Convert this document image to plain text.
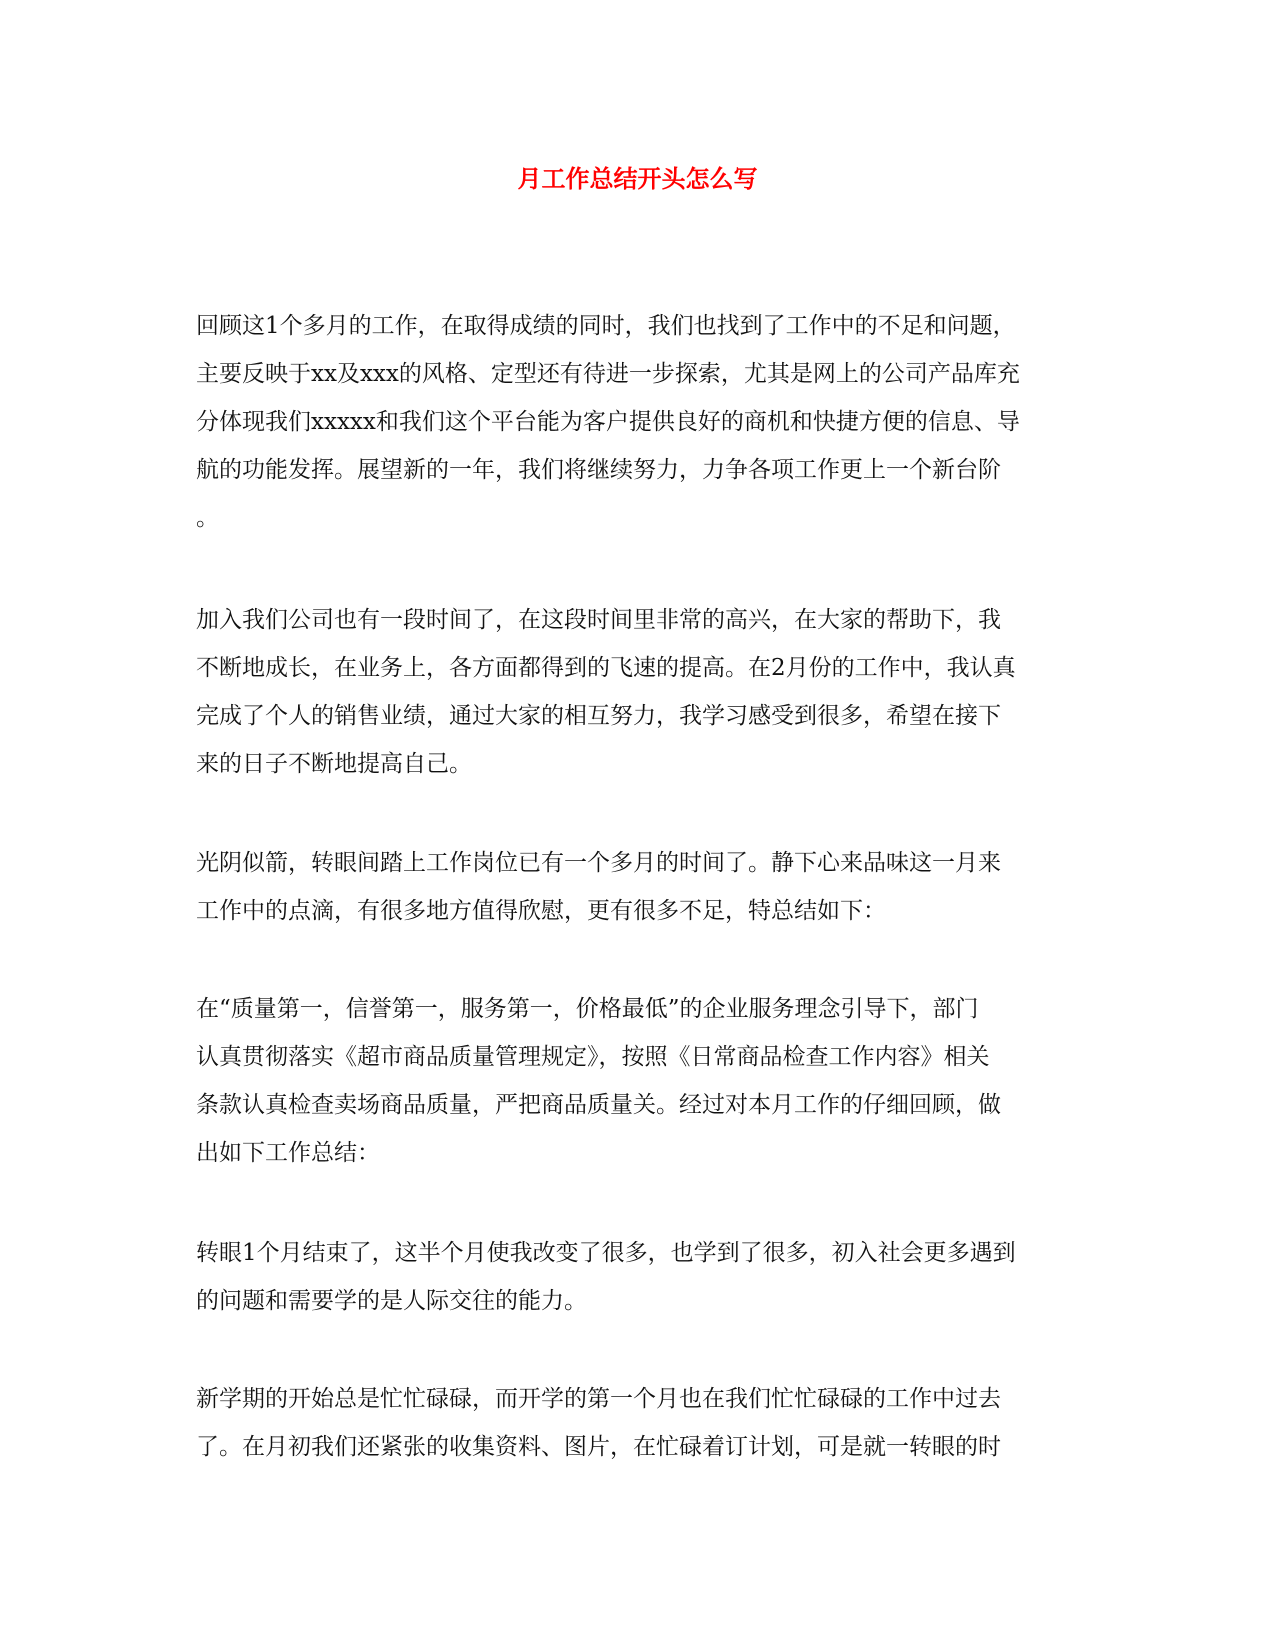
月工作总结开头怎么写

回顾这1个多月的工作，在取得成绩的同时，我们也找到了工作中的不足和问题，
主要反映于xx及xxx的风格、定型还有待进一步探索，尤其是网上的公司产品库充
分体现我们xxxxx和我们这个平台能为客户提供良好的商机和快捷方便的信息、导
航的功能发挥。展望新的一年，我们将继续努力，力争各项工作更上一个新台阶
。

加入我们公司也有一段时间了，在这段时间里非常的高兴，在大家的帮助下，我
不断地成长，在业务上，各方面都得到的飞速的提高。在2月份的工作中，我认真
完成了个人的销售业绩，通过大家的相互努力，我学习感受到很多，希望在接下
来的日子不断地提高自己。

光阴似箭，转眼间踏上工作岗位已有一个多月的时间了。静下心来品味这一月来
工作中的点滴，有很多地方值得欣慰，更有很多不足，特总结如下：

在“质量第一，信誉第一，服务第一，价格最低”的企业服务理念引导下，部门
认真贯彻落实《超市商品质量管理规定》，按照《日常商品检查工作内容》相关
条款认真检查卖场商品质量，严把商品质量关。经过对本月工作的仔细回顾，做
出如下工作总结：

转眼1个月结束了，这半个月使我改变了很多，也学到了很多，初入社会更多遇到
的问题和需要学的是人际交往的能力。

新学期的开始总是忙忙碌碌，而开学的第一个月也在我们忙忙碌碌的工作中过去
了。在月初我们还紧张的收集资料、图片，在忙碌着订计划，可是就一转眼的时
